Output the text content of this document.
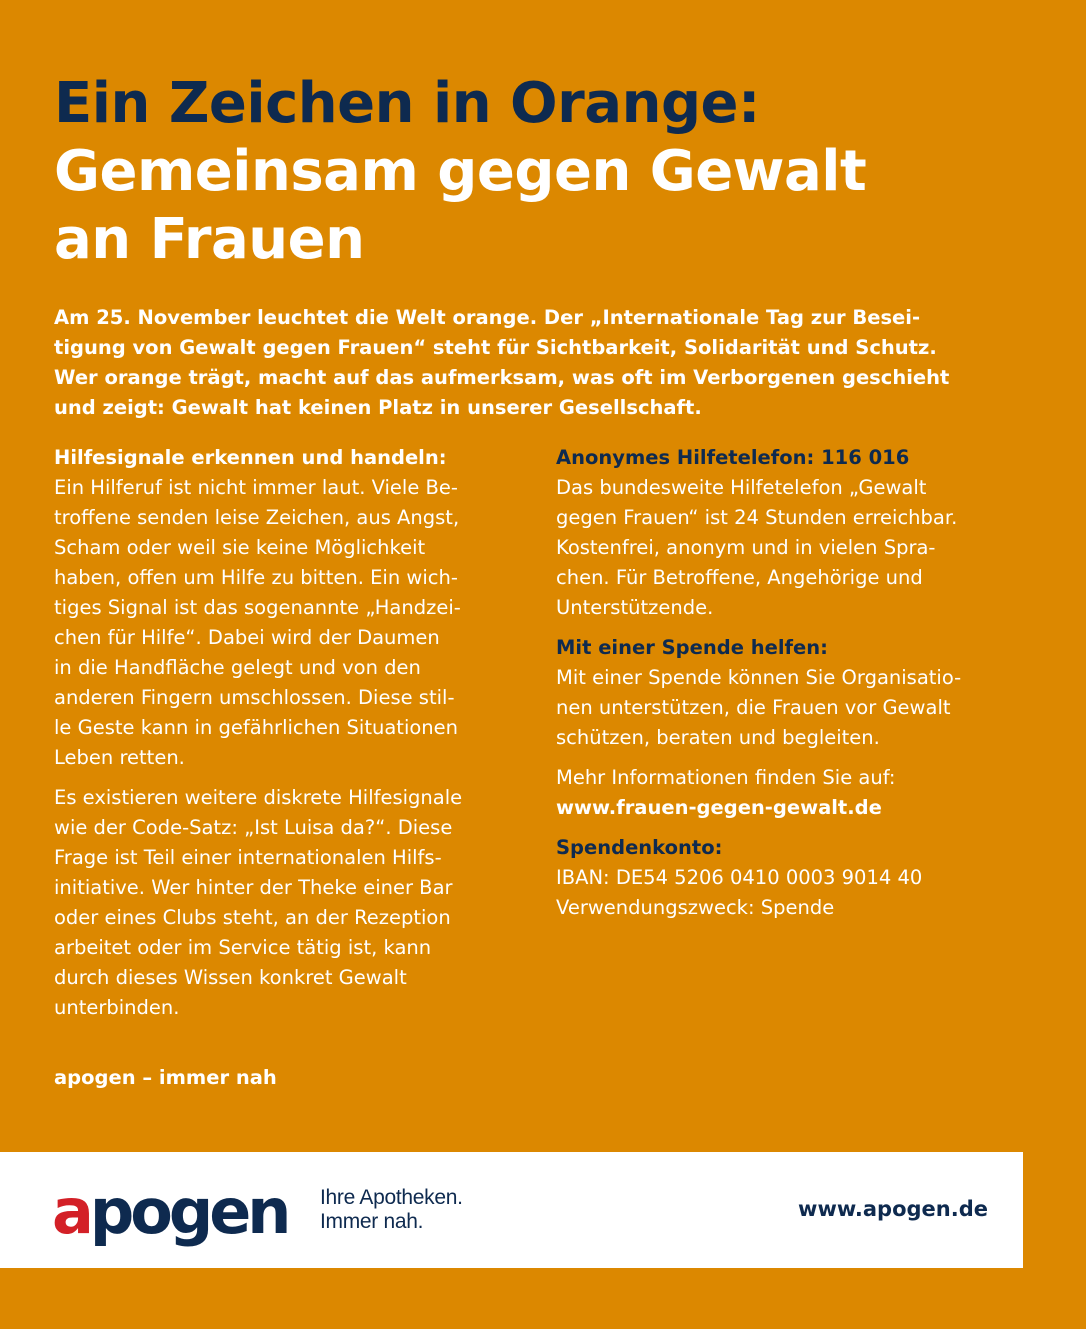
Ein Zeichen in Orange:
Gemeinsam gegen Gewalt
an Frauen

Am 25. November leuchtet die Welt orange. Der „Internationale Tag zur Besei-
tigung von Gewalt gegen Frauen“ steht für Sichtbarkeit, Solidarität und Schutz.
Wer orange trägt, macht auf das aufmerksam, was oft im Verborgenen geschieht
und zeigt: Gewalt hat keinen Platz in unserer Gesellschaft.

Hilfesignale erkennen und handeln:

Ein Hilferuf ist nicht immer laut. Viele Be-
troffene senden leise Zeichen, aus Angst,
Scham oder weil sie keine Möglichkeit
haben, offen um Hilfe zu bitten. Ein wich-
tiges Signal ist das sogenannte „Handzei-
chen für Hilfe“. Dabei wird der Daumen
in die Handfläche gelegt und von den
anderen Fingern umschlossen. Diese stil-
le Geste kann in gefährlichen Situationen
Leben retten.

Es existieren weitere diskrete Hilfesignale
wie der Code-Satz: „Ist Luisa da?“. Diese
Frage ist Teil einer internationalen Hilfs-
initiative. Wer hinter der Theke einer Bar
oder eines Clubs steht, an der Rezeption
arbeitet oder im Service tätig ist, kann
durch dieses Wissen konkret Gewalt
unterbinden.

Anonymes Hilfetelefon: 116 016

Das bundesweite Hilfetelefon „Gewalt
gegen Frauen“ ist 24 Stunden erreichbar.
Kostenfrei, anonym und in vielen Spra-
chen. Für Betroffene, Angehörige und
Unterstützende.

Mit einer Spende helfen:

Mit einer Spende können Sie Organisatio-
nen unterstützen, die Frauen vor Gewalt
schützen, beraten und begleiten.

Mehr Informationen finden Sie auf:
www.frauen-gegen-gewalt.de

Spendenkonto:

IBAN: DE54 5206 0410 0003 9014 40
Verwendungszweck: Spende

apogen – immer nah
a pogen Ihre Apotheken.
Immer nah.
www.apogen.de
